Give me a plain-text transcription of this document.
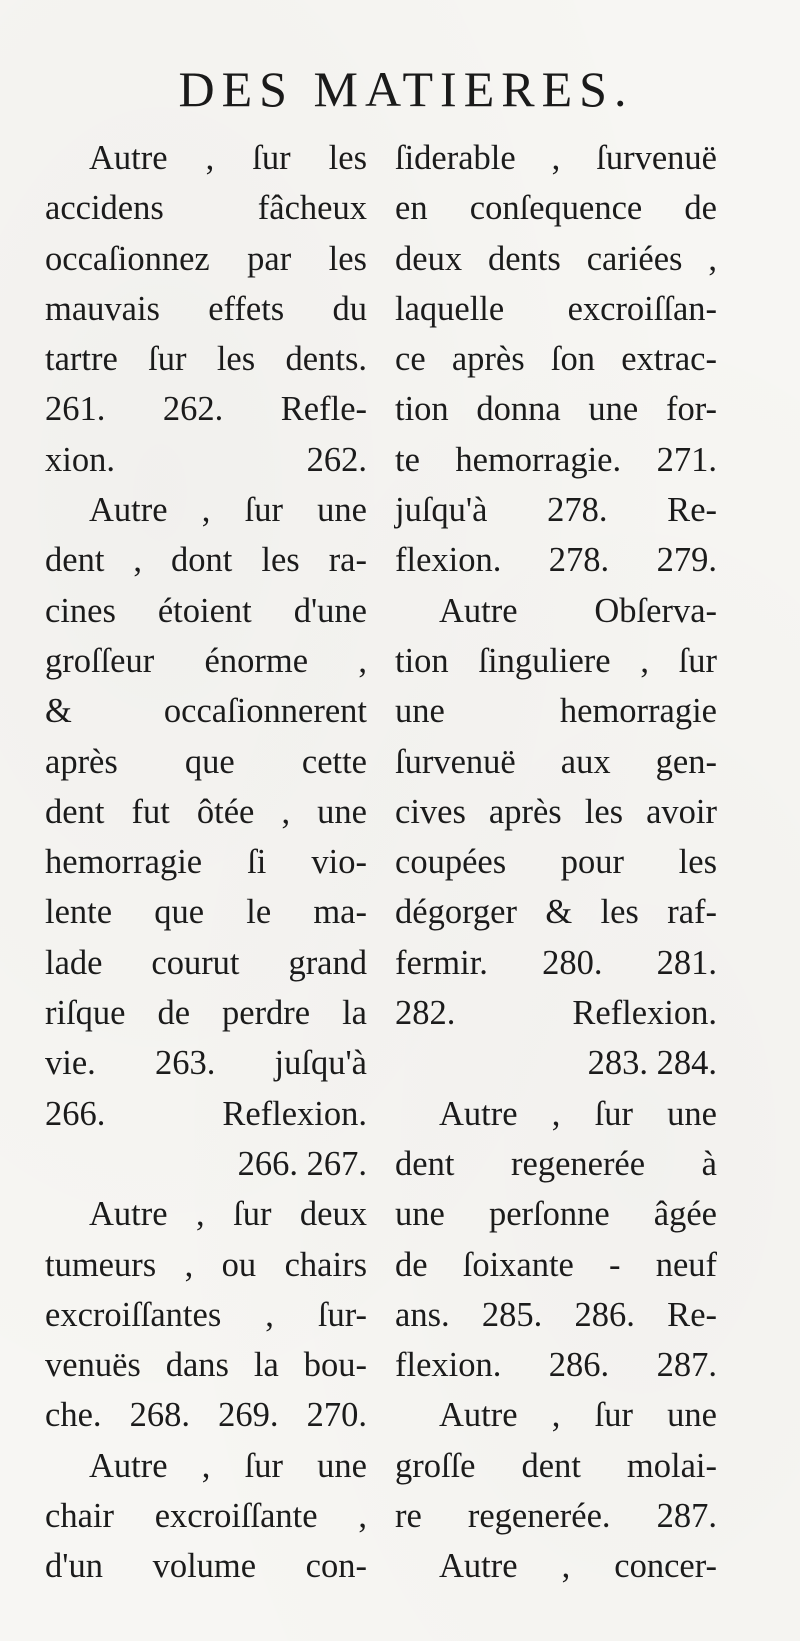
DES MATIERES.
Autre , ſur les
accidens fâcheux
occaſionnez par les
mauvais effets du
tartre ſur les dents.
261. 262. Refle-
xion. 262.
Autre , ſur une
dent , dont les ra-
cines étoient d'une
groſſeur énorme ,
& occaſionnerent
après que cette
dent fut ôtée , une
hemorragie ſi vio-
lente que le ma-
lade courut grand
riſque de perdre la
vie. 263. juſqu'à
266. Reflexion.
266. 267.
Autre , ſur deux
tumeurs , ou chairs
excroiſſantes , ſur-
venuës dans la bou-
che. 268. 269. 270.
Autre , ſur une
chair excroiſſante ,
d'un volume con-
ſiderable , ſurvenuë
en conſequence de
deux dents cariées ,
laquelle excroiſſan-
ce après ſon extrac-
tion donna une for-
te hemorragie. 271.
juſqu'à 278. Re-
flexion. 278. 279.
Autre Obſerva-
tion ſinguliere , ſur
une hemorragie
ſurvenuë aux gen-
cives après les avoir
coupées pour les
dégorger & les raf-
fermir. 280. 281.
282. Reflexion.
283. 284.
Autre , ſur une
dent regenerée à
une perſonne âgée
de ſoixante - neuf
ans. 285. 286. Re-
flexion. 286. 287.
Autre , ſur une
groſſe dent molai-
re regenerée. 287.
Autre , concer-
